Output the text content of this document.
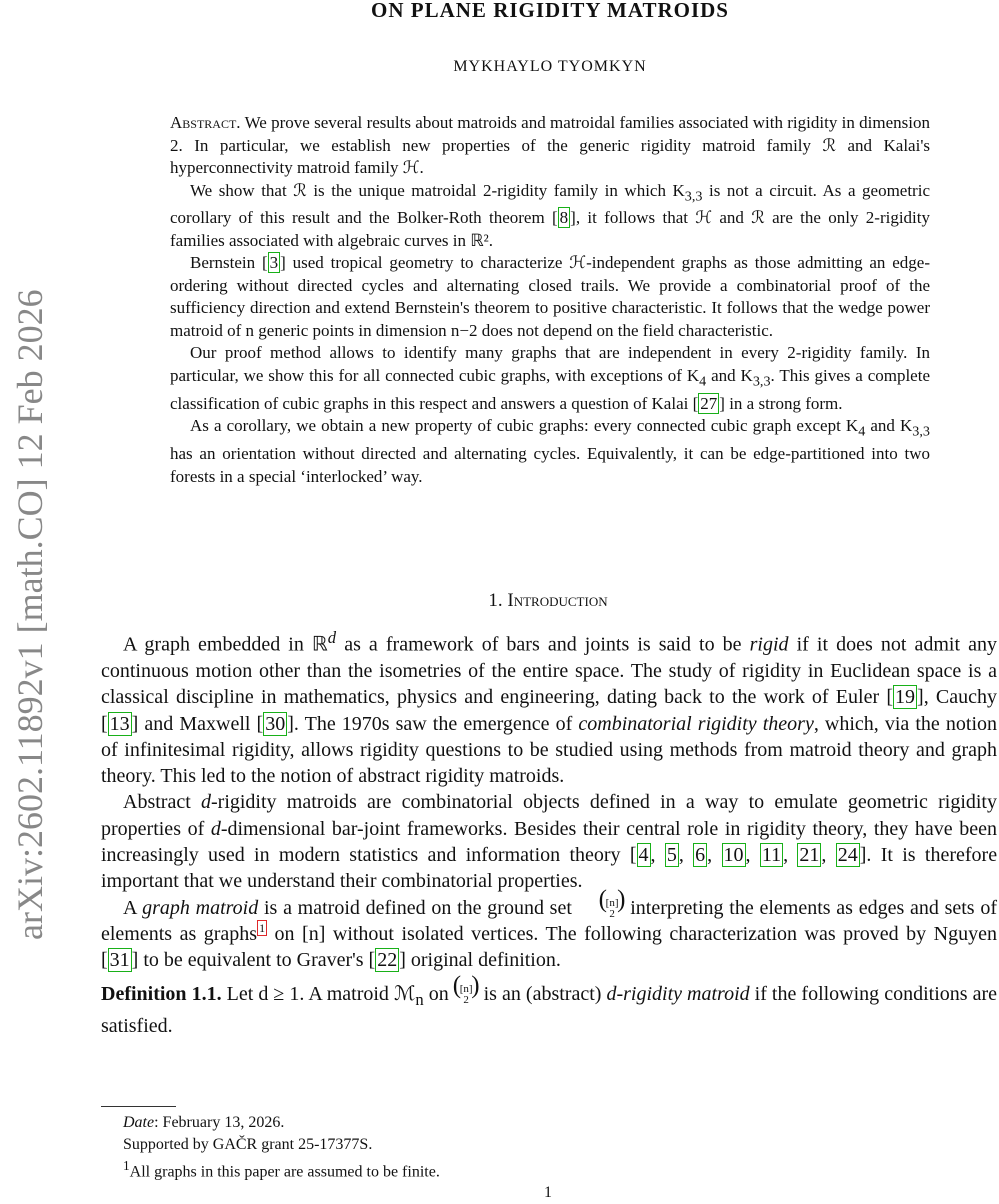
arXiv:2602.11892v1 [math.CO] 12 Feb 2026
ON PLANE RIGIDITY MATROIDS
MYKHAYLO TYOMKYN

Abstract. We prove several results about matroids and matroidal families associated with rigidity in dimension 2. In particular, we establish new properties of the generic rigidity matroid family ℛ and Kalai's hyperconnectivity matroid family ℋ.

We show that ℛ is the unique matroidal 2-rigidity family in which $K_{3,3}$ is not a circuit. As a geometric corollary of this result and the Bolker-Roth theorem [ 8 ], it follows that ℋ and ℛ are the only 2-rigidity families associated with algebraic curves in ℝ².

Bernstein [ 3 ] used tropical geometry to characterize ℋ-independent graphs as those admitting an edge-ordering without directed cycles and alternating closed trails. We provide a combinatorial proof of the sufficiency direction and extend Bernstein's theorem to positive characteristic. It follows that the wedge power matroid of n generic points in dimension n−2 does not depend on the field characteristic.

Our proof method allows to identify many graphs that are independent in every 2-rigidity family. In particular, we show this for all connected cubic graphs, with exceptions of $K_4$ and $K_{3,3}$. This gives a complete classification of cubic graphs in this respect and answers a question of Kalai [ 27 ] in a strong form.

As a corollary, we obtain a new property of cubic graphs: every connected cubic graph except $K_4$ and $K_{3,3}$ has an orientation without directed and alternating cycles. Equivalently, it can be edge-partitioned into two forests in a special ‘interlocked’ way.

1. Introduction

A graph embedded in ℝ$^d$ as a framework of bars and joints is said to be rigid if it does not admit any continuous motion other than the isometries of the entire space. The study of rigidity in Euclidean space is a classical discipline in mathematics, physics and engineering, dating back to the work of Euler [ 19 ], Cauchy [ 13 ] and Maxwell [ 30 ]. The 1970s saw the emergence of combinatorial rigidity theory, which, via the notion of infinitesimal rigidity, allows rigidity questions to be studied using methods from matroid theory and graph theory. This led to the notion of abstract rigidity matroids.

Abstract d-rigidity matroids are combinatorial objects defined in a way to emulate geometric rigidity properties of d-dimensional bar-joint frameworks. Besides their central role in rigidity theory, they have been increasingly used in modern statistics and information theory [ 4 , 5 , 6 , 10 , 11 , 21 , 24 ]. It is therefore important that we understand their combinatorial properties.

A graph matroid is a matroid defined on the ground set	( [n]
2
) interpreting the elements as edges and sets of elements as graphs $^1$ on [n] without isolated vertices. The following characterization was proved by Nguyen [ 31 ] to be equivalent to Graver's [ 22 ] original definition.

Definition 1.1. Let d ≥ 1. A matroid ℳ$_n$ on ( [n]
2
) is an (abstract) d-rigidity matroid if the following conditions are satisfied.

Date: February 13, 2026.
Supported by GAČR grant 25-17377S.
$^1$All graphs in this paper are assumed to be finite.
1
